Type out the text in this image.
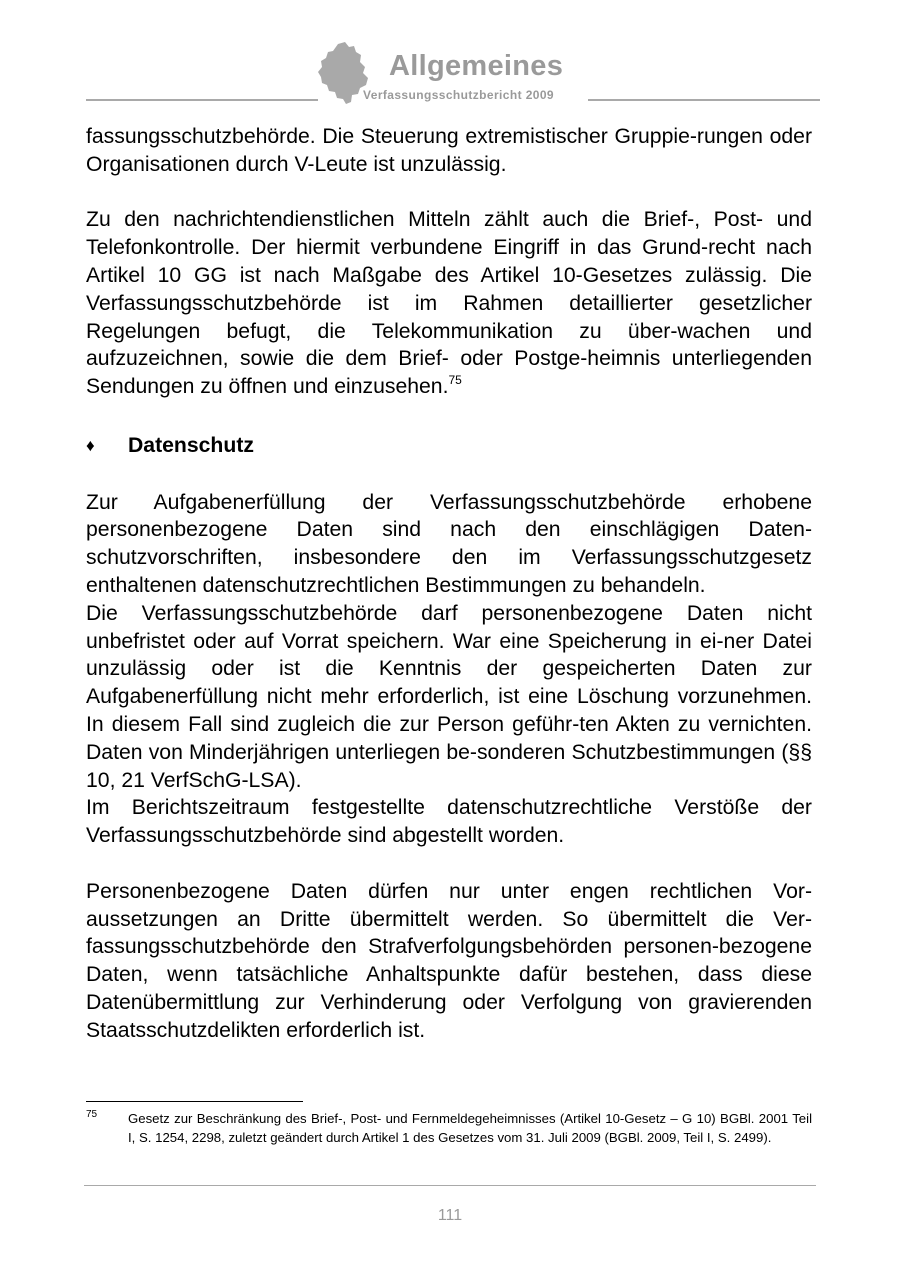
Allgemeines
Verfassungsschutzbericht 2009

fassungsschutzbehörde. Die Steuerung extremistischer Gruppie-rungen oder Organisationen durch V-Leute ist unzulässig.

Zu den nachrichtendienstlichen Mitteln zählt auch die Brief-, Post- und Telefonkontrolle. Der hiermit verbundene Eingriff in das Grund-recht nach Artikel 10 GG ist nach Maßgabe des Artikel 10-Gesetzes zulässig. Die Verfassungsschutzbehörde ist im Rahmen detaillierter gesetzlicher Regelungen befugt, die Telekommunikation zu über-wachen und aufzuzeichnen, sowie die dem Brief- oder Postge-heimnis unterliegenden Sendungen zu öffnen und einzusehen.$^{75}$

♦ Datenschutz

Zur Aufgabenerfüllung der Verfassungsschutzbehörde erhobene personenbezogene Daten sind nach den einschlägigen Daten-schutzvorschriften, insbesondere den im Verfassungsschutzgesetz enthaltenen datenschutzrechtlichen Bestimmungen zu behandeln.

Die Verfassungsschutzbehörde darf personenbezogene Daten nicht unbefristet oder auf Vorrat speichern. War eine Speicherung in ei-ner Datei unzulässig oder ist die Kenntnis der gespeicherten Daten zur Aufgabenerfüllung nicht mehr erforderlich, ist eine Löschung vorzunehmen. In diesem Fall sind zugleich die zur Person geführ-ten Akten zu vernichten. Daten von Minderjährigen unterliegen be-sonderen Schutzbestimmungen (§§ 10, 21 VerfSchG-LSA).

Im Berichtszeitraum festgestellte datenschutzrechtliche Verstöße der Verfassungsschutzbehörde sind abgestellt worden.

Personenbezogene Daten dürfen nur unter engen rechtlichen Vor-aussetzungen an Dritte übermittelt werden. So übermittelt die Ver-fassungsschutzbehörde den Strafverfolgungsbehörden personen-bezogene Daten, wenn tatsächliche Anhaltspunkte dafür bestehen, dass diese Datenübermittlung zur Verhinderung oder Verfolgung von gravierenden Staatsschutzdelikten erforderlich ist.

75 Gesetz zur Beschränkung des Brief-, Post- und Fernmeldegeheimnisses (Artikel 10-Gesetz – G 10) BGBl. 2001 Teil I, S. 1254, 2298, zuletzt geändert durch Artikel 1 des Gesetzes vom 31. Juli 2009 (BGBl. 2009, Teil I, S. 2499).

111
